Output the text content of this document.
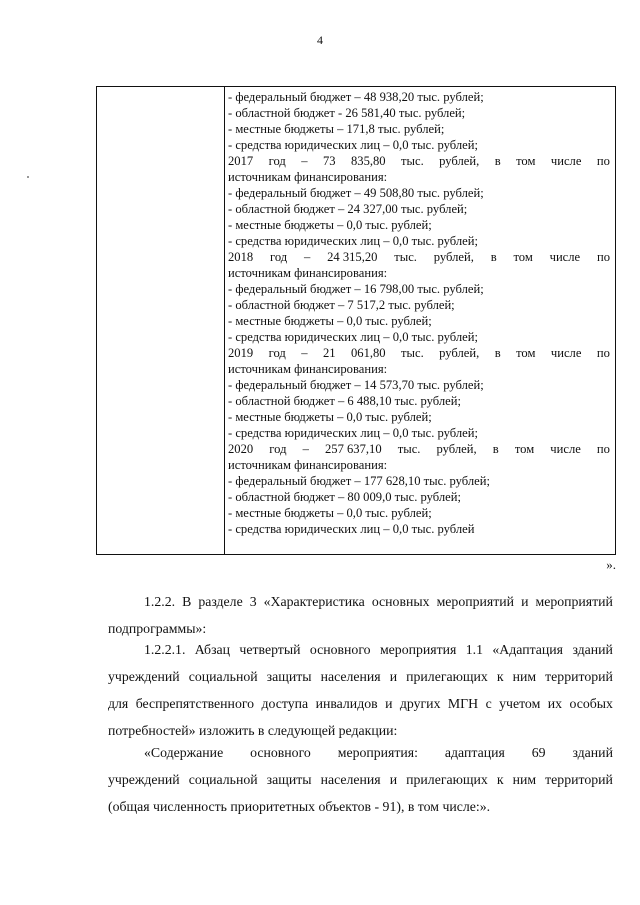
4
- федеральный бюджет – 48 938,20 тыс. рублей;
- областной бюджет - 26 581,40 тыс. рублей;
- местные бюджеты – 171,8 тыс. рублей;
- средства юридических лиц – 0,0 тыс. рублей;
2017 год – 73 835,80 тыс. рублей, в том числе по
источникам финансирования:
- федеральный бюджет – 49 508,80 тыс. рублей;
- областной бюджет – 24 327,00 тыс. рублей;
- местные бюджеты – 0,0 тыс. рублей;
- средства юридических лиц – 0,0 тыс. рублей;
2018 год – 24 315,20 тыс. рублей, в том числе по
источникам финансирования:
- федеральный бюджет – 16 798,00 тыс. рублей;
- областной бюджет – 7 517,2 тыс. рублей;
- местные бюджеты – 0,0 тыс. рублей;
- средства юридических лиц – 0,0 тыс. рублей;
2019 год – 21 061,80 тыс. рублей, в том числе по
источникам финансирования:
- федеральный бюджет – 14 573,70 тыс. рублей;
- областной бюджет – 6 488,10 тыс. рублей;
- местные бюджеты – 0,0 тыс. рублей;
- средства юридических лиц – 0,0 тыс. рублей;
2020 год – 257 637,10 тыс. рублей, в том числе по
источникам финансирования:
- федеральный бюджет – 177 628,10 тыс. рублей;
- областной бюджет – 80 009,0 тыс. рублей;
- местные бюджеты – 0,0 тыс. рублей;
- средства юридических лиц – 0,0 тыс. рублей
».
1.2.2. В разделе 3 «Характеристика основных мероприятий и мероприятий
подпрограммы»:
1.2.2.1. Абзац четвертый основного мероприятия 1.1 «Адаптация зданий
учреждений социальной защиты населения и прилегающих к ним территорий
для беспрепятственного доступа инвалидов и других МГН с учетом их особых
потребностей» изложить в следующей редакции:
«Содержание основного мероприятия: адаптация 69 зданий
учреждений социальной защиты населения и прилегающих к ним территорий
(общая численность приоритетных объектов - 91), в том числе:».
